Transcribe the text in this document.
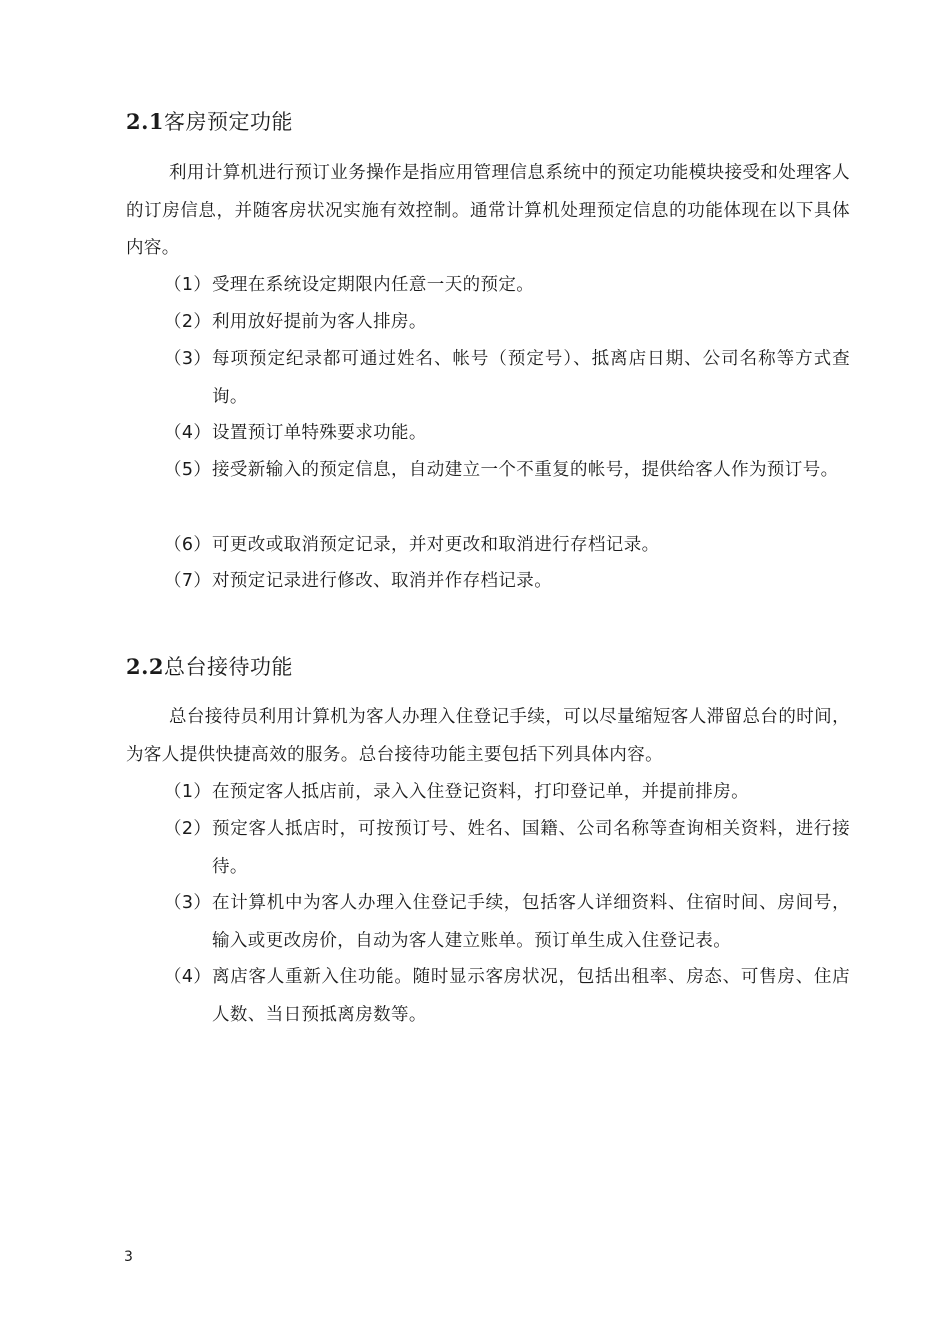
2.1客房预定功能

利用计算机进行预订业务操作是指应用管理信息系统中的预定功能模块接受和处理客人的订房信息，并随客房状况实施有效控制。通常计算机处理预定信息的功能体现在以下具体内容。

（1） 受理在系统设定期限内任意一天的预定。
（2） 利用放好提前为客人排房。
（3） 每项预定纪录都可通过姓名、帐号（预定号）、抵离店日期、公司名称等方式查询。
（4） 设置预订单特殊要求功能。
（5） 接受新输入的预定信息，自动建立一个不重复的帐号，提供给客人作为预订号。
（6） 可更改或取消预定记录，并对更改和取消进行存档记录。
（7） 对预定记录进行修改、取消并作存档记录。
2.2总台接待功能

总台接待员利用计算机为客人办理入住登记手续，可以尽量缩短客人滞留总台的时间，为客人提供快捷高效的服务。总台接待功能主要包括下列具体内容。

（1） 在预定客人抵店前，录入入住登记资料，打印登记单，并提前排房。
（2） 预定客人抵店时，可按预订号、姓名、国籍、公司名称等查询相关资料，进行接待。
（3） 在计算机中为客人办理入住登记手续，包括客人详细资料、住宿时间、房间号，输入或更改房价，自动为客人建立账单。预订单生成入住登记表。
（4） 离店客人重新入住功能。随时显示客房状况，包括出租率、房态、可售房、住店人数、当日预抵离房数等。
3
